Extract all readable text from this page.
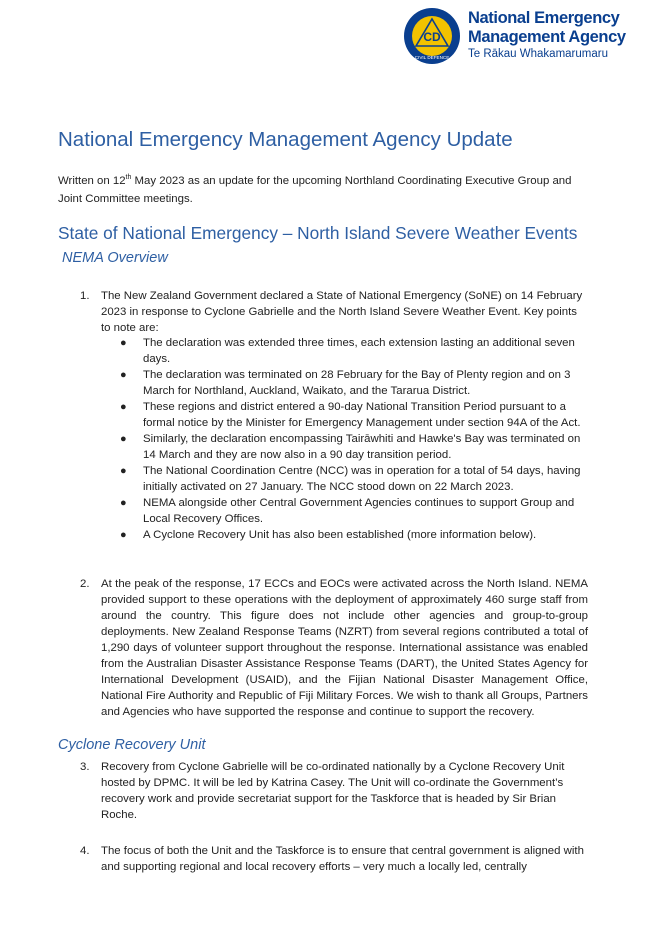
CD
CIVIL DEFENCE
National Emergency
Management Agency
Te Rākau Whakamarumaru
National Emergency Management Agency Update
Written on 12th May 2023 as an update for the upcoming Northland Coordinating Executive Group and Joint Committee meetings.
State of National Emergency – North Island Severe Weather Events
NEMA Overview
1. The New Zealand Government declared a State of National Emergency (SoNE) on 14 February 2023 in response to Cyclone Gabrielle and the North Island Severe Weather Event. Key points to note are:
● The declaration was extended three times, each extension lasting an additional seven days.
● The declaration was terminated on 28 February for the Bay of Plenty region and on 3 March for Northland, Auckland, Waikato, and the Tararua District.
● These regions and district entered a 90-day National Transition Period pursuant to a formal notice by the Minister for Emergency Management under section 94A of the Act.
● Similarly, the declaration encompassing Tairāwhiti and Hawke's Bay was terminated on 14 March and they are now also in a 90 day transition period.
● The National Coordination Centre (NCC) was in operation for a total of 54 days, having initially activated on 27 January. The NCC stood down on 22 March 2023.
● NEMA alongside other Central Government Agencies continues to support Group and Local Recovery Offices.
● A Cyclone Recovery Unit has also been established (more information below).
2. At the peak of the response, 17 ECCs and EOCs were activated across the North Island. NEMA provided support to these operations with the deployment of approximately 460 surge staff from around the country. This figure does not include other agencies and group-to-group deployments. New Zealand Response Teams (NZRT) from several regions contributed a total of 1,290 days of volunteer support throughout the response. International assistance was enabled from the Australian Disaster Assistance Response Teams (DART), the United States Agency for International Development (USAID), and the Fijian National Disaster Management Office, National Fire Authority and Republic of Fiji Military Forces. We wish to thank all Groups, Partners and Agencies who have supported the response and continue to support the recovery.
Cyclone Recovery Unit
3. Recovery from Cyclone Gabrielle will be co-ordinated nationally by a Cyclone Recovery Unit hosted by DPMC. It will be led by Katrina Casey. The Unit will co-ordinate the Government’s recovery work and provide secretariat support for the Taskforce that is headed by Sir Brian Roche.
4. The focus of both the Unit and the Taskforce is to ensure that central government is aligned with and supporting regional and local recovery efforts – very much a locally led, centrally
